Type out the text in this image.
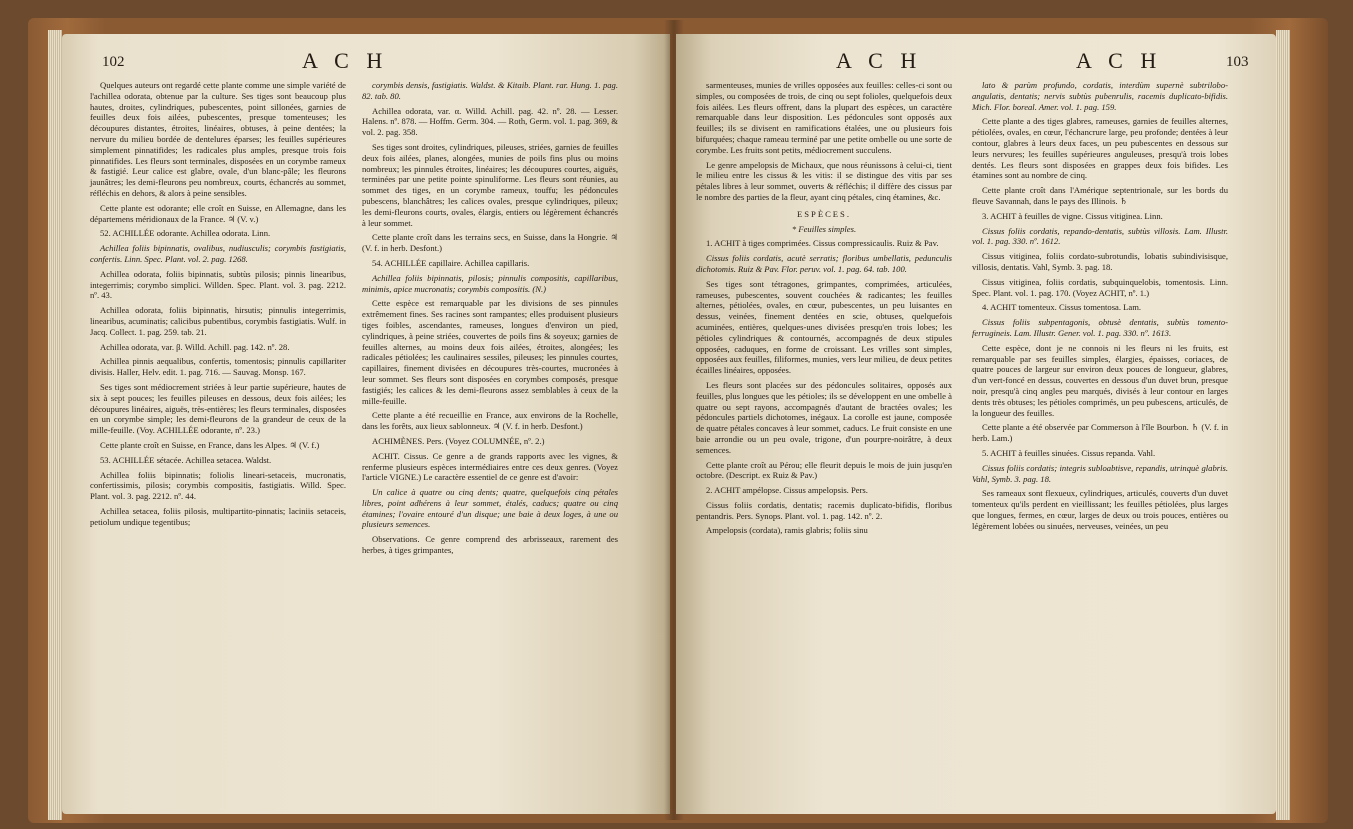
102	A C H

Quelques auteurs ont regardé cette plante comme une simple variété de l'achillea odorata, obtenue par la culture. Ses tiges sont beaucoup plus hautes, droites, cylindriques, pubescentes, point sillonées, garnies de feuilles deux fois ailées, pubescentes, presque tomenteuses; les découpures distantes, étroites, linéaires, obtuses, à peine dentées; la nervure du milieu bordée de dentelures éparses; les feuilles supérieures simplement pinnatifides; les radicales plus amples, presque trois fois pinnatifides. Les fleurs sont terminales, disposées en un corymbe rameux & fastigié. Leur calice est glabre, ovale, d'un blanc-pâle; les fleurons jaunâtres; les demi-fleurons peu nombreux, courts, échancrés au sommet, réfléchis en dehors, & alors à peine sensibles.

Cette plante est odorante; elle croît en Suisse, en Allemagne, dans les départemens méridionaux de la France. ♃ (V. v.)

52. ACHILLÉE odorante. Achillea odorata. Linn.

Achillea foliis bipinnatis, ovalibus, nudiusculis; corymbis fastigiatis, confertis. Linn. Spec. Plant. vol. 2. pag. 1268.

Achillea odorata, foliis bipinnatis, subtùs pilosis; pinnis linearibus, integerrimis; corymbo simplici. Willden. Spec. Plant. vol. 3. pag. 2212. nº. 43.

Achillea odorata, foliis bipinnatis, hirsutis; pinnulis integerrimis, linearibus, acuminatis; calicibus pubentibus, corymbis fastigiatis. Wulf. in Jacq. Collect. 1. pag. 259. tab. 21.

Achillea odorata, var. β. Willd. Achill. pag. 142. nº. 28.

Achillea pinnis aequalibus, confertis, tomentosis; pinnulis capillariter divisis. Haller, Helv. edit. 1. pag. 716. — Sauvag. Monsp. 167.

Ses tiges sont médiocrement striées à leur partie supérieure, hautes de six à sept pouces; les feuilles pileuses en dessous, deux fois ailées; les découpures linéaires, aiguës, très-entières; les fleurs terminales, disposées en un corymbe simple; les demi-fleurons de la grandeur de ceux de la mille-feuille. (Voy. ACHILLÉE odorante, nº. 23.)

Cette plante croît en Suisse, en France, dans les Alpes. ♃ (V. f.)

53. ACHILLÉE sétacée. Achillea setacea. Waldst.

Achillea foliis bipinnatis; foliolis lineari-setaceis, mucronatis, confertissimis, pilosis; corymbis compositis, fastigiatis. Willd. Spec. Plant. vol. 3. pag. 2212. nº. 44.

Achillea setacea, foliis pilosis, multipartito-pinnatis; laciniis setaceis, petiolum undique tegentibus;

corymbis densis, fastigiatis. Waldst. & Kitaib. Plant. rar. Hung. 1. pag. 82. tab. 80.

Achillea odorata, var. α. Willd. Achill. pag. 42. nº. 28. — Lesser. Halens. nº. 878. — Hoffm. Germ. 304. — Roth, Germ. vol. 1. pag. 369, & vol. 2. pag. 358.

Ses tiges sont droites, cylindriques, pileuses, striées, garnies de feuilles deux fois ailées, planes, alongées, munies de poils fins plus ou moins nombreux; les pinnules étroites, linéaires; les découpures courtes, aiguës, terminées par une petite pointe spinuliforme. Les fleurs sont réunies, au sommet des tiges, en un corymbe rameux, touffu; les pédoncules pubescens, blanchâtres; les calices ovales, presque cylindriques, pileux; les demi-fleurons courts, ovales, élargis, entiers ou légèrement échancrés à leur sommet.

Cette plante croît dans les terrains secs, en Suisse, dans la Hongrie. ♃ (V. f. in herb. Desfont.)

54. ACHILLÉE capillaire. Achillea capillaris.

Achillea foliis bipinnatis, pilosis; pinnulis compositis, capillaribus, minimis, apice mucronatis; corymbis compositis. (N.)

Cette espèce est remarquable par les divisions de ses pinnules extrêmement fines. Ses racines sont rampantes; elles produisent plusieurs tiges foibles, ascendantes, rameuses, longues d'environ un pied, cylindriques, à peine striées, couvertes de poils fins & soyeux; garnies de feuilles alternes, au moins deux fois ailées, étroites, alongées; les radicales pétiolées; les caulinaires sessiles, pileuses; les pinnules courtes, capillaires, finement divisées en découpures très-courtes, mucronées à leur sommet. Ses fleurs sont disposées en corymbes composés, presque fastigiés; les calices & les demi-fleurons assez semblables à ceux de la mille-feuille.

Cette plante a été recueillie en France, aux environs de la Rochelle, dans les forêts, aux lieux sablonneux. ♃ (V. f. in herb. Desfont.)

ACHIMÈNES. Pers. (Voyez COLUMNÉE, nº. 2.)

ACHIT. Cissus. Ce genre a de grands rapports avec les vignes, & renferme plusieurs espèces intermédiaires entre ces deux genres. (Voyez l'article VIGNE.) Le caractère essentiel de ce genre est d'avoir:

Un calice à quatre ou cinq dents; quatre, quelquefois cinq pétales libres, point adhérens à leur sommet, étalés, caducs; quatre ou cinq étamines; l'ovaire entouré d'un disque; une baie à deux loges, à une ou plusieurs semences.

Observations. Ce genre comprend des arbrisseaux, rarement des herbes, à tiges grimpantes,

A C H	A C H	103

sarmenteuses, munies de vrilles opposées aux feuilles: celles-ci sont ou simples, ou composées de trois, de cinq ou sept folioles, quelquefois deux fois ailées. Les fleurs offrent, dans la plupart des espèces, un caractère remarquable dans leur disposition. Les pédoncules sont opposés aux feuilles; ils se divisent en ramifications étalées, une ou plusieurs fois bifurquées; chaque rameau terminé par une petite ombelle ou une sorte de corymbe. Les fruits sont petits, médiocrement succulens.

Le genre ampelopsis de Michaux, que nous réunissons à celui-ci, tient le milieu entre les cissus & les vitis: il se distingue des vitis par ses pétales libres à leur sommet, ouverts & réfléchis; il diffère des cissus par le nombre des parties de la fleur, ayant cinq pétales, cinq étamines, &c.

ESPÈCES.

* Feuilles simples.

1. ACHIT à tiges comprimées. Cissus compressicaulis. Ruiz & Pav.

Cissus foliis cordatis, acutè serratis; floribus umbellatis, pedunculis dichotomis. Ruiz & Pav. Flor. peruv. vol. 1. pag. 64. tab. 100.

Ses tiges sont tétragones, grimpantes, comprimées, articulées, rameuses, pubescentes, souvent couchées & radicantes; les feuilles alternes, pétiolées, ovales, en cœur, pubescentes, un peu luisantes en dessus, veinées, finement dentées en scie, obtuses, quelquefois acuminées, entières, quelques-unes divisées presqu'en trois lobes; les pétioles cylindriques & contournés, accompagnés de deux stipules opposées, caduques, en forme de croissant. Les vrilles sont simples, opposées aux feuilles, filiformes, munies, vers leur milieu, de deux petites écailles linéaires, opposées.

Les fleurs sont placées sur des pédoncules solitaires, opposés aux feuilles, plus longues que les pétioles; ils se développent en une ombelle à quatre ou sept rayons, accompagnés d'autant de bractées ovales; les pédoncules partiels dichotomes, inégaux. La corolle est jaune, composée de quatre pétales concaves à leur sommet, caducs. Le fruit consiste en une baie arrondie ou un peu ovale, trigone, d'un pourpre-noirâtre, à deux semences.

Cette plante croît au Pérou; elle fleurit depuis le mois de juin jusqu'en octobre. (Descript. ex Ruiz & Pav.)

2. ACHIT ampélopse. Cissus ampelopsis. Pers.

Cissus foliis cordatis, dentatis; racemis duplicato-bifidis, floribus pentandris. Pers. Synops. Plant. vol. 1. pag. 142. nº. 2.

Ampelopsis (cordata), ramis glabris; foliis sinu

lato & parùm profundo, cordatis, interdùm supernè subtrilobo-angulatis, dentatis; nervis subtùs pubenrulis, racemis duplicato-bifidis. Mich. Flor. boreal. Amer. vol. 1. pag. 159.

Cette plante a des tiges glabres, rameuses, garnies de feuilles alternes, pétiolées, ovales, en cœur, l'échancrure large, peu profonde; dentées à leur contour, glabres à leurs deux faces, un peu pubescentes en dessous sur leurs nervures; les feuilles supérieures anguleuses, presqu'à trois lobes dentés. Les fleurs sont disposées en grappes deux fois bifides. Les étamines sont au nombre de cinq.

Cette plante croît dans l'Amérique septentrionale, sur les bords du fleuve Savannah, dans le pays des Illinois. ♄

3. ACHIT à feuilles de vigne. Cissus vitiginea. Linn.

Cissus foliis cordatis, repando-dentatis, subtùs villosis. Lam. Illustr. vol. 1. pag. 330. nº. 1612.

Cissus vitiginea, foliis cordato-subrotundis, lobatis subindivisisque, villosis, dentatis. Vahl, Symb. 3. pag. 18.

Cissus vitiginea, foliis cordatis, subquinquelobis, tomentosis. Linn. Spec. Plant. vol. 1. pag. 170. (Voyez ACHIT, nº. 1.)

4. ACHIT tomenteux. Cissus tomentosa. Lam.

Cissus foliis subpentagonis, obtusè dentatis, subtùs tomento-ferrugineis. Lam. Illustr. Gener. vol. 1. pag. 330. nº. 1613.

Cette espèce, dont je ne connois ni les fleurs ni les fruits, est remarquable par ses feuilles simples, élargies, épaisses, coriaces, de quatre pouces de largeur sur environ deux pouces de longueur, glabres, d'un vert-foncé en dessus, couvertes en dessous d'un duvet brun, presque noir, presqu'à cinq angles peu marqués, divisés à leur contour en larges dents très obtuses; les pétioles comprimés, un peu pubescens, articulés, de la longueur des feuilles.

Cette plante a été observée par Commerson à l'île Bourbon. ♄ (V. f. in herb. Lam.)

5. ACHIT à feuilles sinuées. Cissus repanda. Vahl.

Cissus foliis cordatis; integris subloabtisve, repandis, utrinquè glabris. Vahl, Symb. 3. pag. 18.

Ses rameaux sont flexueux, cylindriques, articulés, couverts d'un duvet tomenteux qu'ils perdent en vieillissant; les feuilles pétiolées, plus larges que longues, fermes, en cœur, larges de deux ou trois pouces, entières ou légèrement lobées ou sinuées, nerveuses, veinées, un peu
